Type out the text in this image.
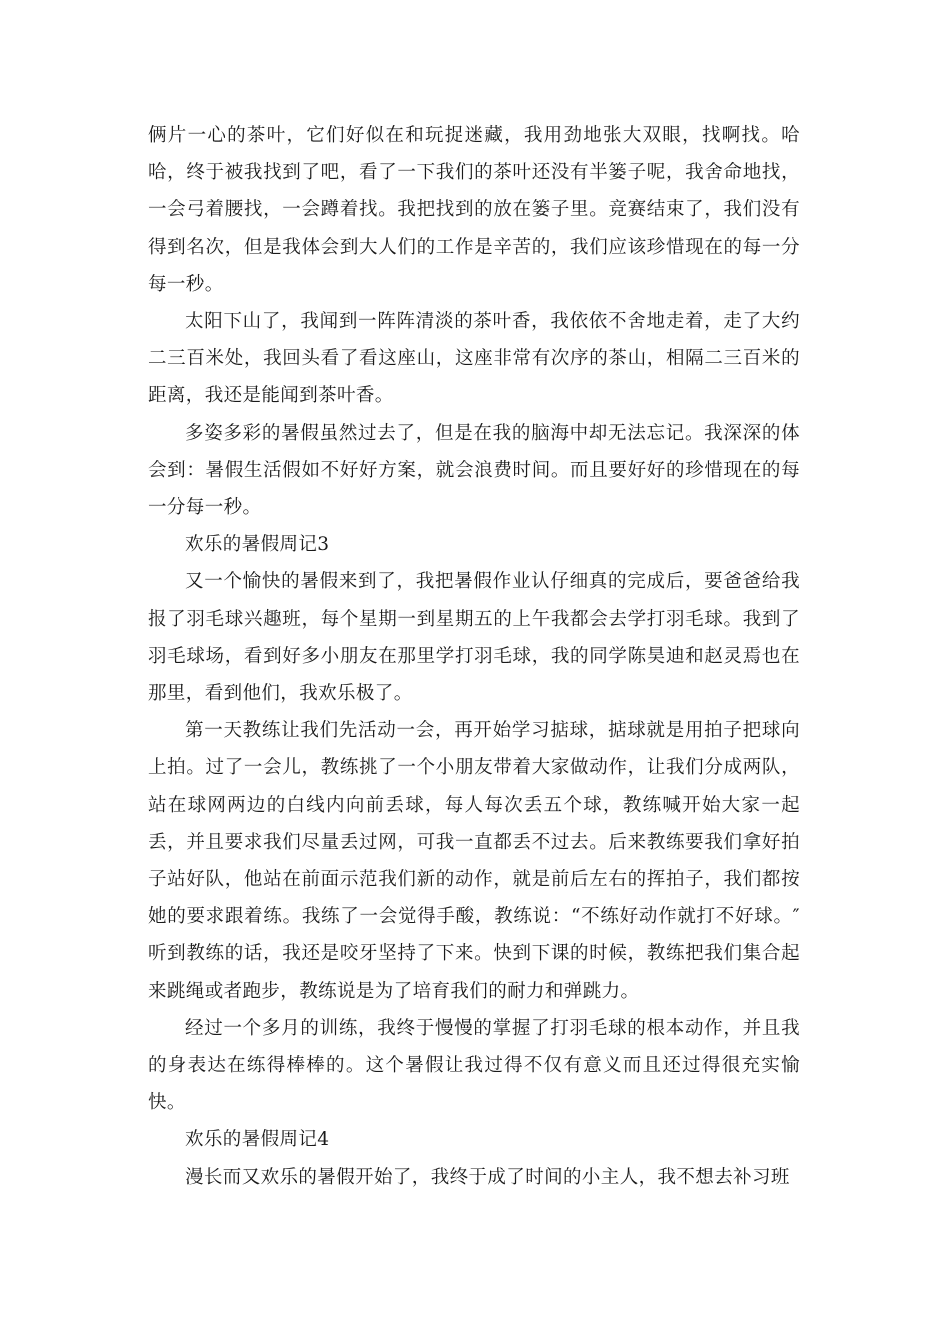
俩片一心的茶叶，它们好似在和玩捉迷藏，我用劲地张大双眼，找啊找。哈哈，终于被我找到了吧，看了一下我们的茶叶还没有半篓子呢，我舍命地找，一会弓着腰找，一会蹲着找。我把找到的放在篓子里。竞赛结束了，我们没有得到名次，但是我体会到大人们的工作是辛苦的，我们应该珍惜现在的每一分每一秒。

太阳下山了，我闻到一阵阵清淡的茶叶香，我依依不舍地走着，走了大约二三百米处，我回头看了看这座山，这座非常有次序的茶山，相隔二三百米的距离，我还是能闻到茶叶香。

多姿多彩的暑假虽然过去了，但是在我的脑海中却无法忘记。我深深的体会到：暑假生活假如不好好方案，就会浪费时间。而且要好好的珍惜现在的每一分每一秒。

欢乐的暑假周记3

又一个愉快的暑假来到了，我把暑假作业认仔细真的完成后，要爸爸给我报了羽毛球兴趣班，每个星期一到星期五的上午我都会去学打羽毛球。我到了羽毛球场，看到好多小朋友在那里学打羽毛球，我的同学陈昊迪和赵灵焉也在那里，看到他们，我欢乐极了。

第一天教练让我们先活动一会，再开始学习掂球，掂球就是用拍子把球向上拍。过了一会儿，教练挑了一个小朋友带着大家做动作，让我们分成两队，站在球网两边的白线内向前丢球，每人每次丢五个球，教练喊开始大家一起丢，并且要求我们尽量丢过网，可我一直都丢不过去。后来教练要我们拿好拍子站好队，他站在前面示范我们新的动作，就是前后左右的挥拍子，我们都按她的要求跟着练。我练了一会觉得手酸，教练说：“不练好动作就打不好球。″听到教练的话，我还是咬牙坚持了下来。快到下课的时候，教练把我们集合起来跳绳或者跑步，教练说是为了培育我们的耐力和弹跳力。

经过一个多月的训练，我终于慢慢的掌握了打羽毛球的根本动作，并且我的身表达在练得棒棒的。这个暑假让我过得不仅有意义而且还过得很充实愉快。

欢乐的暑假周记4

漫长而又欢乐的暑假开始了，我终于成了时间的小主人，我不想去补习班
